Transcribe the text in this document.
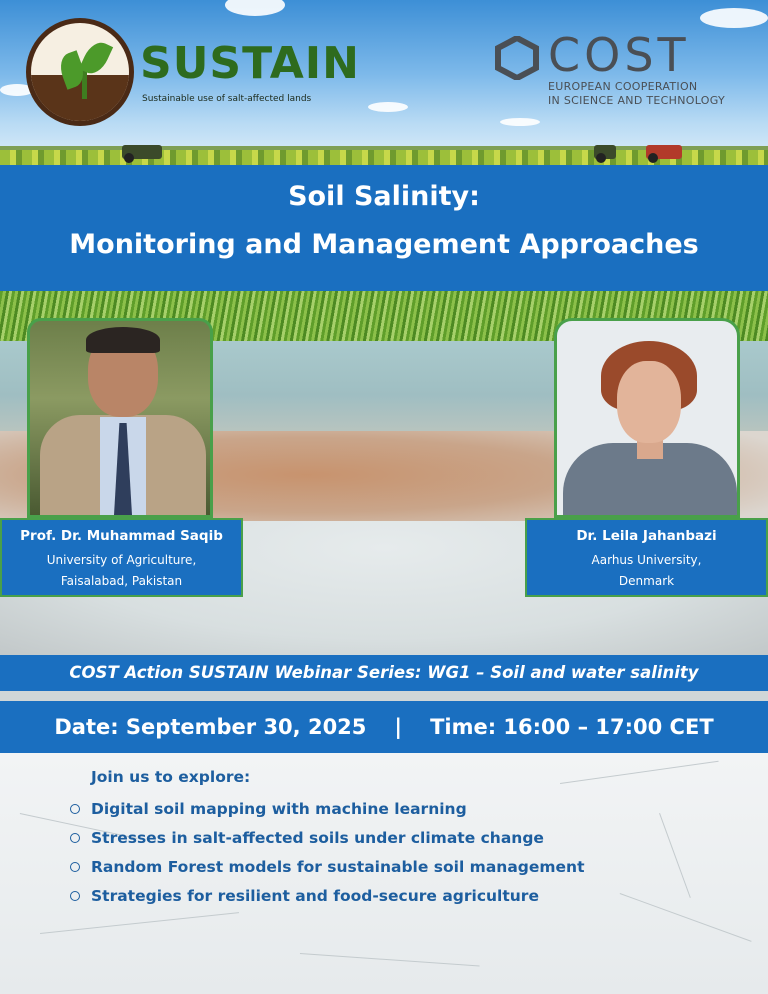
SUSTAIN
Sustainable use of salt-affected lands
COST
EUROPEAN COOPERATION
IN SCIENCE AND TECHNOLOGY
Soil Salinity:
Monitoring and Management Approaches
Prof. Dr. Muhammad Saqib
University of Agriculture,
Faisalabad, Pakistan
Dr. Leila Jahanbazi
Aarhus University,
Denmark
COST Action SUSTAIN Webinar Series: WG1 – Soil and water salinity
Date: September 30, 2025 | Time: 16:00 – 17:00 CET
Join us to explore:
Digital soil mapping with machine learning
Stresses in salt-affected soils under climate change
Random Forest models for sustainable soil management
Strategies for resilient and food-secure agriculture
